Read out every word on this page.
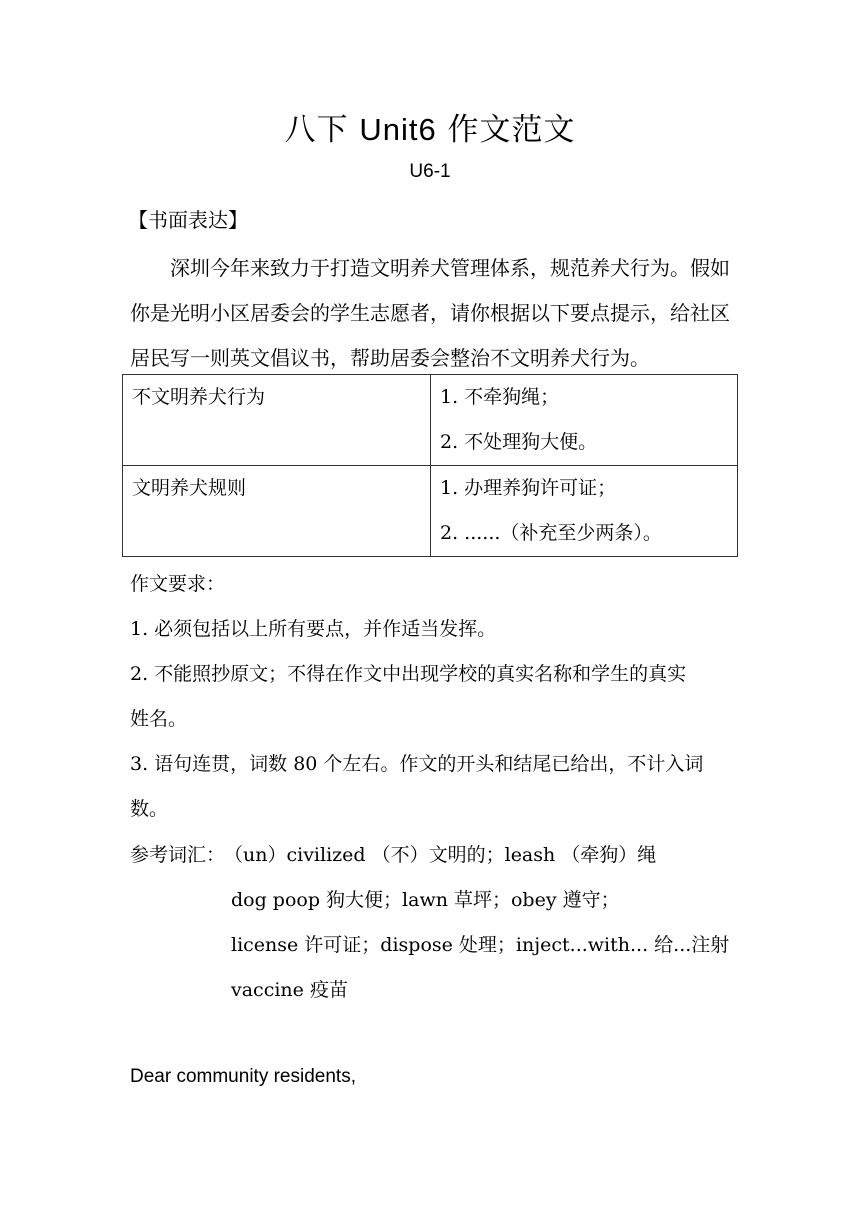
八下 Unit6 作文范文
U6-1
【书面表达】
深圳今年来致力于打造文明养犬管理体系，规范养犬行为。假如
你是光明小区居委会的学生志愿者，请你根据以下要点提示，给社区
居民写一则英文倡议书，帮助居委会整治不文明养犬行为。
不文明养犬行为	1. 不牵狗绳；
2. 不处理狗大便。

文明养犬规则	1. 办理养狗许可证；
2. ......（补充至少两条）。
作文要求：
1. 必须包括以上所有要点，并作适当发挥。
2. 不能照抄原文；不得在作文中出现学校的真实名称和学生的真实
姓名。
3. 语句连贯，词数 80 个左右。作文的开头和结尾已给出，不计入词
数。
参考词汇：
（un）civilized （不）文明的；leash （牵狗）绳
dog poop 狗大便；lawn 草坪；obey 遵守；
license 许可证；dispose 处理；inject...with... 给...注射
vaccine 疫苗
Dear community residents,
